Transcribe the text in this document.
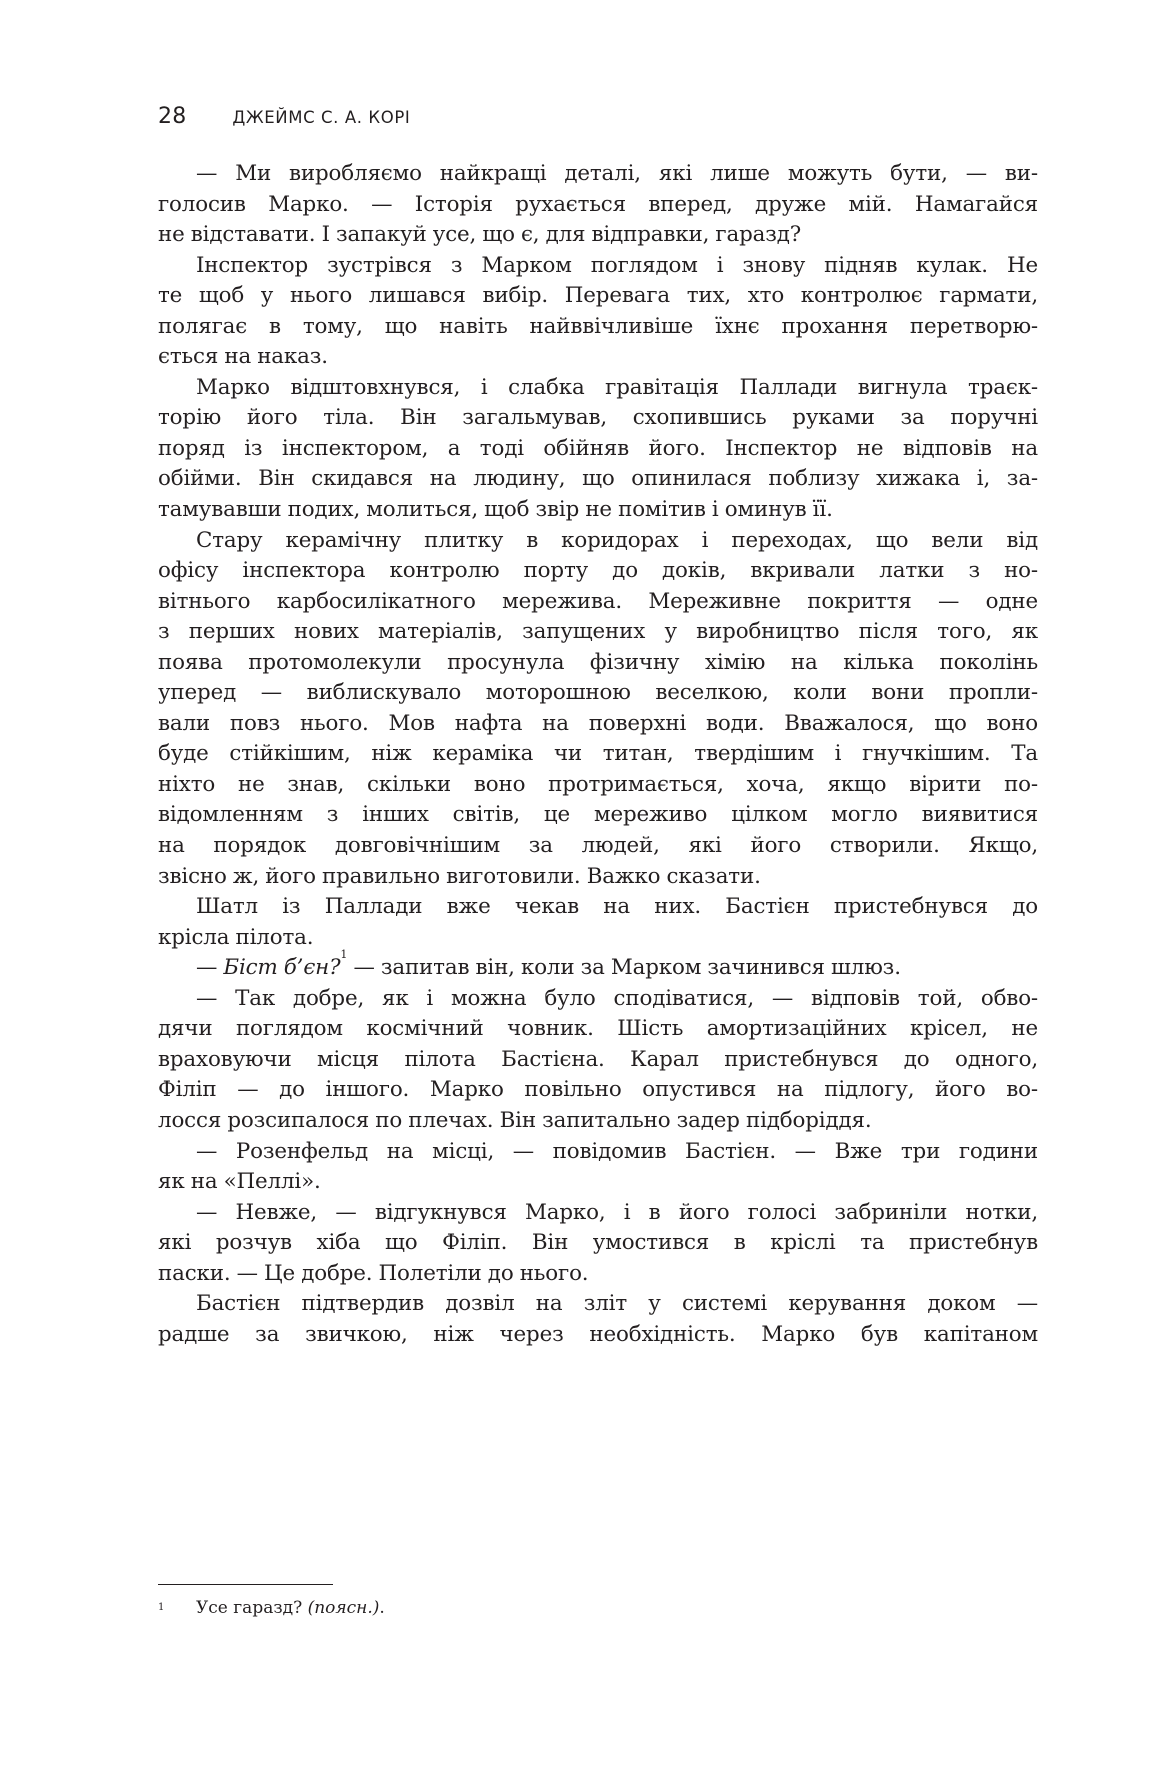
28	ДЖЕЙМС С. А. КОРІ
— Ми виробляємо найкращі деталі, які лише можуть бути, — ви-
голосив Марко. — Історія рухається вперед, друже мій. Намагайся
не відставати. І запакуй усе, що є, для відправки, гаразд?
Інспектор зустрівся з Марком поглядом і знову підняв кулак. Не
те щоб у нього лишався вибір. Перевага тих, хто контролює гармати,
полягає в тому, що навіть найввічливіше їхнє прохання перетворю-
ється на наказ.
Марко відштовхнувся, і слабка гравітація Паллади вигнула траєк-
торію його тіла. Він загальмував, схопившись руками за поручні
поряд із інспектором, а тоді обійняв його. Інспектор не відповів на
обійми. Він скидався на людину, що опинилася поблизу хижака і, за-
тамувавши подих, молиться, щоб звір не помітив і оминув її.
Стару керамічну плитку в коридорах і переходах, що вели від
офісу інспектора контролю порту до доків, вкривали латки з но-
вітнього карбосилікатного мережива. Мереживне покриття — одне
з перших нових матеріалів, запущених у виробництво після того, як
поява протомолекули просунула фізичну хімію на кілька поколінь
уперед — виблискувало моторошною веселкою, коли вони пропли-
вали повз нього. Мов нафта на поверхні води. Вважалося, що воно
буде стійкішим, ніж кераміка чи титан, твердішим і гнучкішим. Та
ніхто не знав, скільки воно протримається, хоча, якщо вірити по-
відомленням з інших світів, це мереживо цілком могло виявитися
на порядок довговічнішим за людей, які його створили. Якщо,
звісно ж, його правильно виготовили. Важко сказати.
Шатл із Паллади вже чекав на них. Бастієн пристебнувся до
крісла пілота.
— Біст б’єн?$^1$ — запитав він, коли за Марком зачинився шлюз.
— Так добре, як і можна було сподіватися, — відповів той, обво-
дячи поглядом космічний човник. Шість амортизаційних крісел, не
враховуючи місця пілота Бастієна. Карал пристебнувся до одного,
Філіп — до іншого. Марко повільно опустився на підлогу, його во-
лосся розсипалося по плечах. Він запитально задер підборіддя.
— Розенфельд на місці, — повідомив Бастієн. — Вже три години
як на «Пеллі».
— Невже, — відгукнувся Марко, і в його голосі забриніли нотки,
які розчув хіба що Філіп. Він умостився в кріслі та пристебнув
паски. — Це добре. Полетіли до нього.
Бастієн підтвердив дозвіл на зліт у системі керування доком —
радше за звичкою, ніж через необхідність. Марко був капітаном
1	Усе гаразд? (поясн.).
